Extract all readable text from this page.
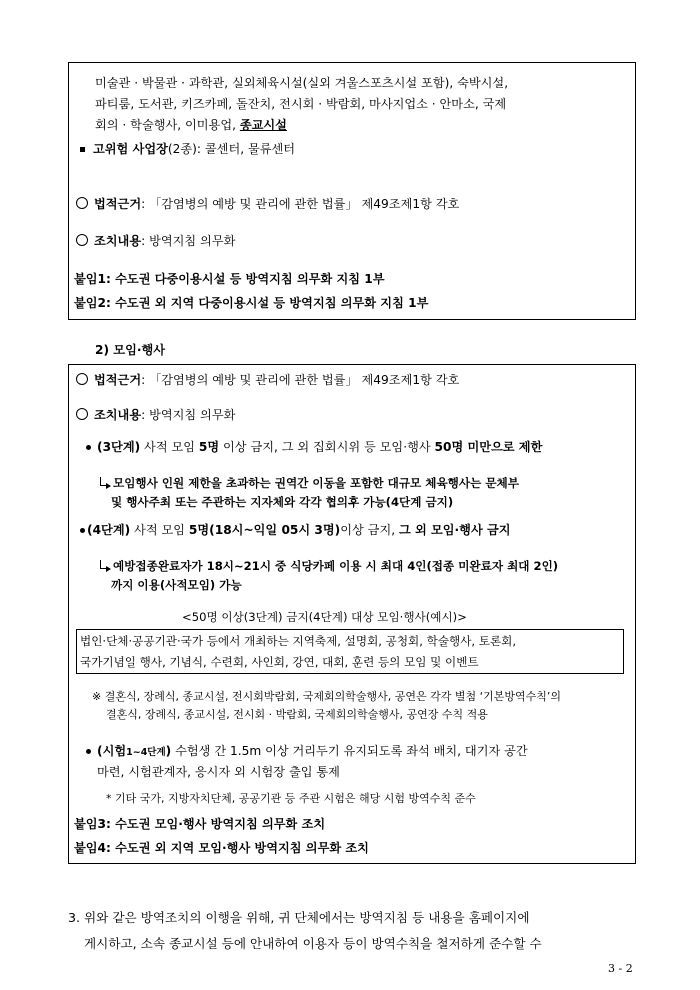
미술관 · 박물관 · 과학관, 실외체육시설(실외 겨울스포츠시설 포함), 숙박시설,
파티룸, 도서관, 키즈카페, 돌잔치, 전시회 · 박람회, 마사지업소 · 안마소, 국제
회의 · 학술행사, 이미용업, 종교시설
고위험 사업장(2종): 콜센터, 물류센터
법적근거: 「감염병의 예방 및 관리에 관한 법률」 제49조제1항 각호
조치내용: 방역지침 의무화
붙임1: 수도권 다중이용시설 등 방역지침 의무화 지침 1부
붙임2: 수도권 외 지역 다중이용시설 등 방역지침 의무화 지침 1부
2) 모임·행사
법적근거: 「감염병의 예방 및 관리에 관한 법률」 제49조제1항 각호
조치내용: 방역지침 의무화
(3단계) 사적 모임 5명 이상 금지, 그 외 집회시위 등 모임·행사 50명 미만으로 제한
모임행사 인원 제한을 초과하는 권역간 이동을 포함한 대규모 체육행사는 문체부
및 행사주최 또는 주관하는 지자체와 각각 협의후 가능(4단계 금지)
(4단계) 사적 모임 5명(18시~익일 05시 3명)이상 금지, 그 외 모임·행사 금지
예방접종완료자가 18시~21시 중 식당카페 이용 시 최대 4인(접종 미완료자 최대 2인)
까지 이용(사적모임) 가능
<50명 이상(3단계) 금지(4단계) 대상 모임·행사(예시)>
법인·단체·공공기관·국가 등에서 개최하는 지역축제, 설명회, 공청회, 학술행사, 토론회,
국가기념일 행사, 기념식, 수련회, 사인회, 강연, 대회, 훈련 등의 모임 및 이벤트
※ 결혼식, 장례식, 종교시설, 전시회박람회, 국제회의학술행사, 공연은 각각 별첨 ‘기본방역수칙’의
결혼식, 장례식, 종교시설, 전시회 · 박람회, 국제회의학술행사, 공연장 수칙 적용
(시험1~4단계) 수험생 간 1.5m 이상 거리두기 유지되도록 좌석 배치, 대기자 공간
마련, 시험관계자, 응시자 외 시험장 출입 통제
* 기타 국가, 지방자치단체, 공공기관 등 주관 시험은 해당 시험 방역수칙 준수
붙임3: 수도권 모임·행사 방역지침 의무화 조치
붙임4: 수도권 외 지역 모임·행사 방역지침 의무화 조치
3. 위와 같은 방역조치의 이행을 위해, 귀 단체에서는 방역지침 등 내용을 홈페이지에
게시하고, 소속 종교시설 등에 안내하여 이용자 등이 방역수칙을 철저하게 준수할 수
3 - 2
